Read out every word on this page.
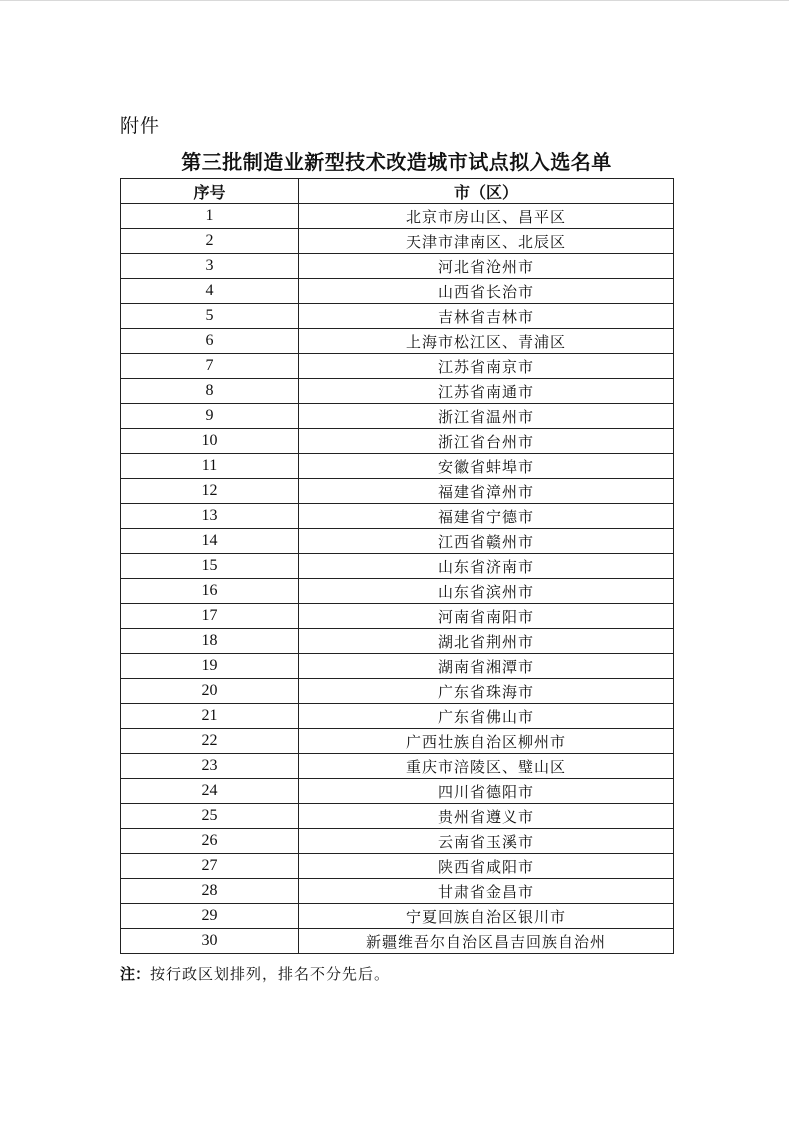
附件
第三批制造业新型技术改造城市试点拟入选名单
序号	市（区）
1	北京市房山区、昌平区
2	天津市津南区、北辰区
3	河北省沧州市
4	山西省长治市
5	吉林省吉林市
6	上海市松江区、青浦区
7	江苏省南京市
8	江苏省南通市
9	浙江省温州市
10	浙江省台州市
11	安徽省蚌埠市
12	福建省漳州市
13	福建省宁德市
14	江西省赣州市
15	山东省济南市
16	山东省滨州市
17	河南省南阳市
18	湖北省荆州市
19	湖南省湘潭市
20	广东省珠海市
21	广东省佛山市
22	广西壮族自治区柳州市
23	重庆市涪陵区、璧山区
24	四川省德阳市
25	贵州省遵义市
26	云南省玉溪市
27	陕西省咸阳市
28	甘肃省金昌市
29	宁夏回族自治区银川市
30	新疆维吾尔自治区昌吉回族自治州
注：按行政区划排列，排名不分先后。
